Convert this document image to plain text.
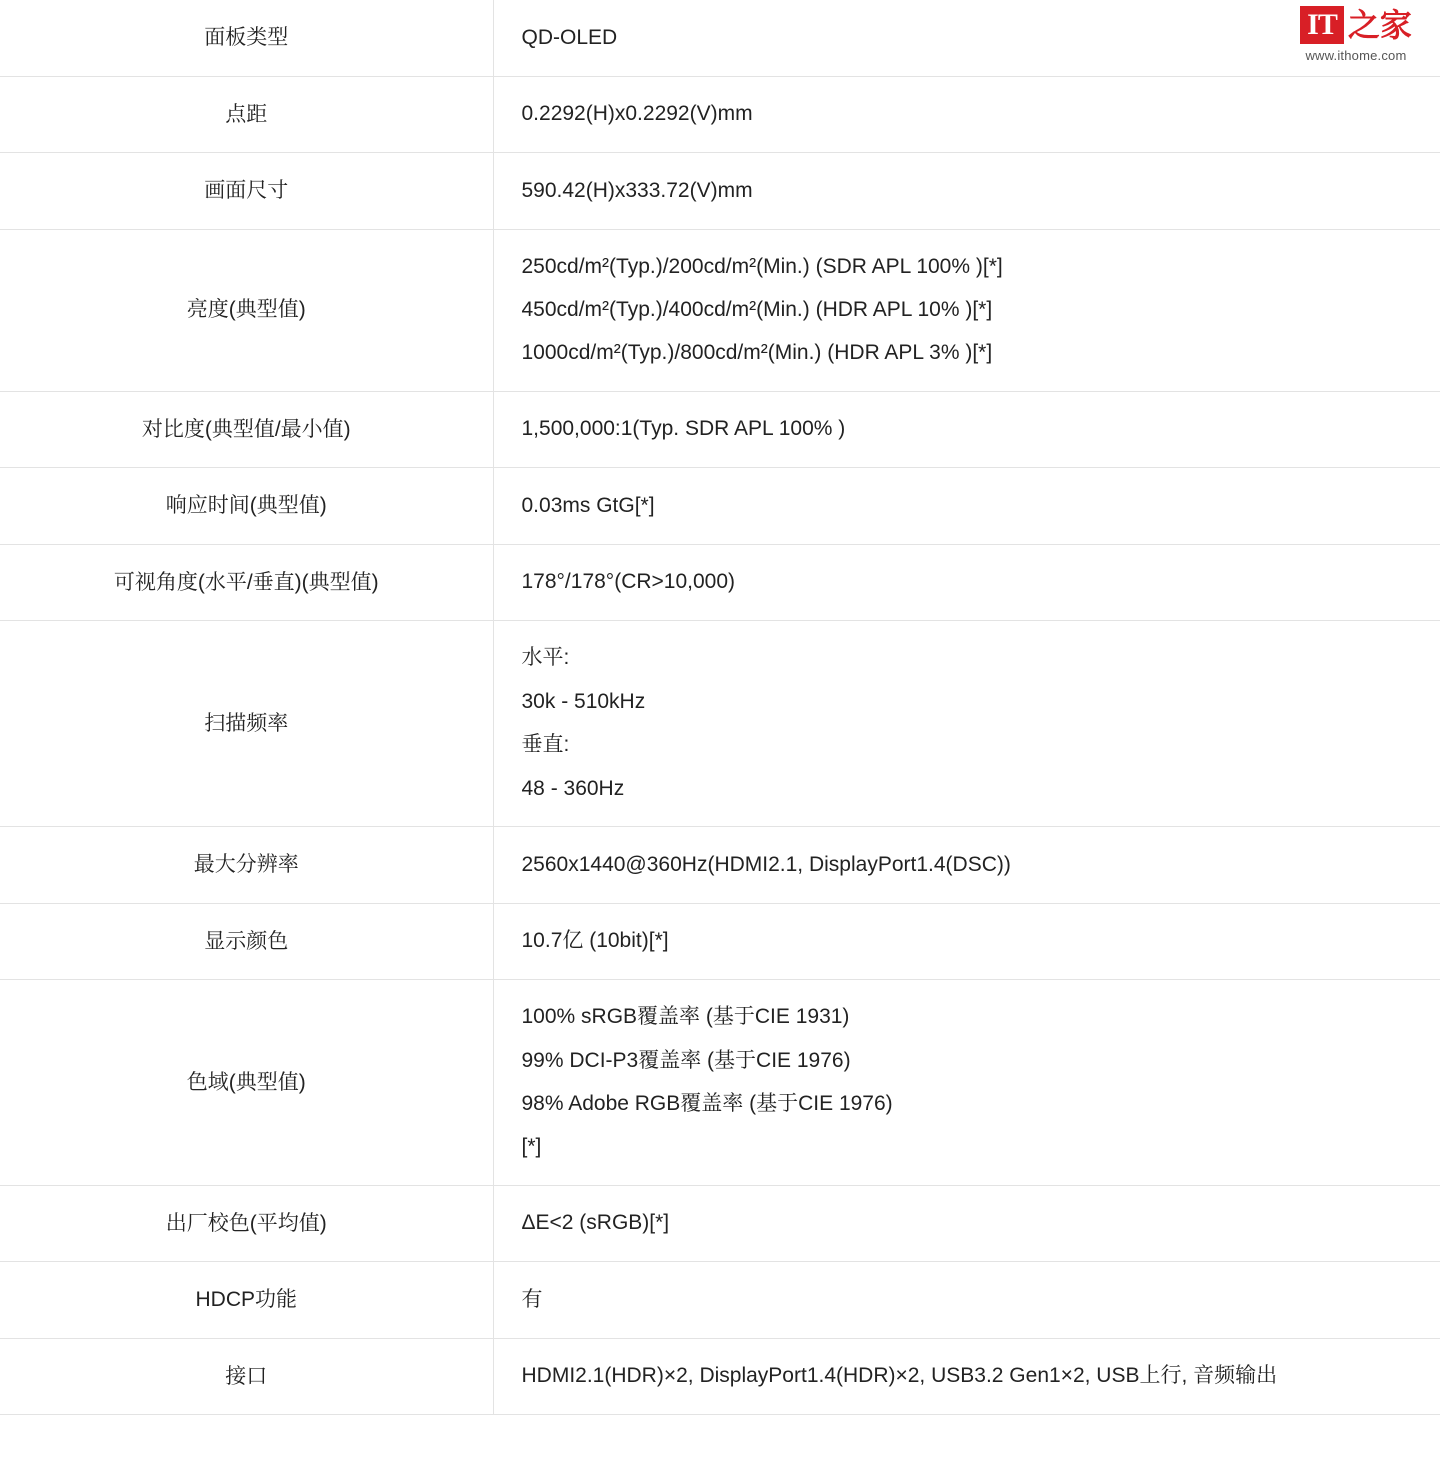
面板类型	QD-OLED

点距	0.2292(H)x0.2292(V)mm

画面尺寸	590.42(H)x333.72(V)mm

亮度(典型值)	250cd/m²(Typ.)/200cd/m²(Min.) (SDR APL 100% )[*]
450cd/m²(Typ.)/400cd/m²(Min.) (HDR APL 10% )[*]
1000cd/m²(Typ.)/800cd/m²(Min.) (HDR APL 3% )[*]

对比度(典型值/最小值)	1,500,000:1(Typ. SDR APL 100% )

响应时间(典型值)	0.03ms GtG[*]

可视角度(水平/垂直)(典型值)	178°/178°(CR>10,000)

扫描频率	水平:
30k - 510kHz
垂直:
48 - 360Hz

最大分辨率	2560x1440@360Hz(HDMI2.1, DisplayPort1.4(DSC))

显示颜色	10.7亿 (10bit)[*]

色域(典型值)	100% sRGB覆盖率 (基于CIE 1931)
99% DCI-P3覆盖率 (基于CIE 1976)
98% Adobe RGB覆盖率 (基于CIE 1976)
[*]

出厂校色(平均值)	ΔE<2 (sRGB)[*]

HDCP功能	有

接口	HDMI2.1(HDR)×2, DisplayPort1.4(HDR)×2, USB3.2 Gen1×2, USB上行, 音频输出
IT 之家
www.ithome.com
